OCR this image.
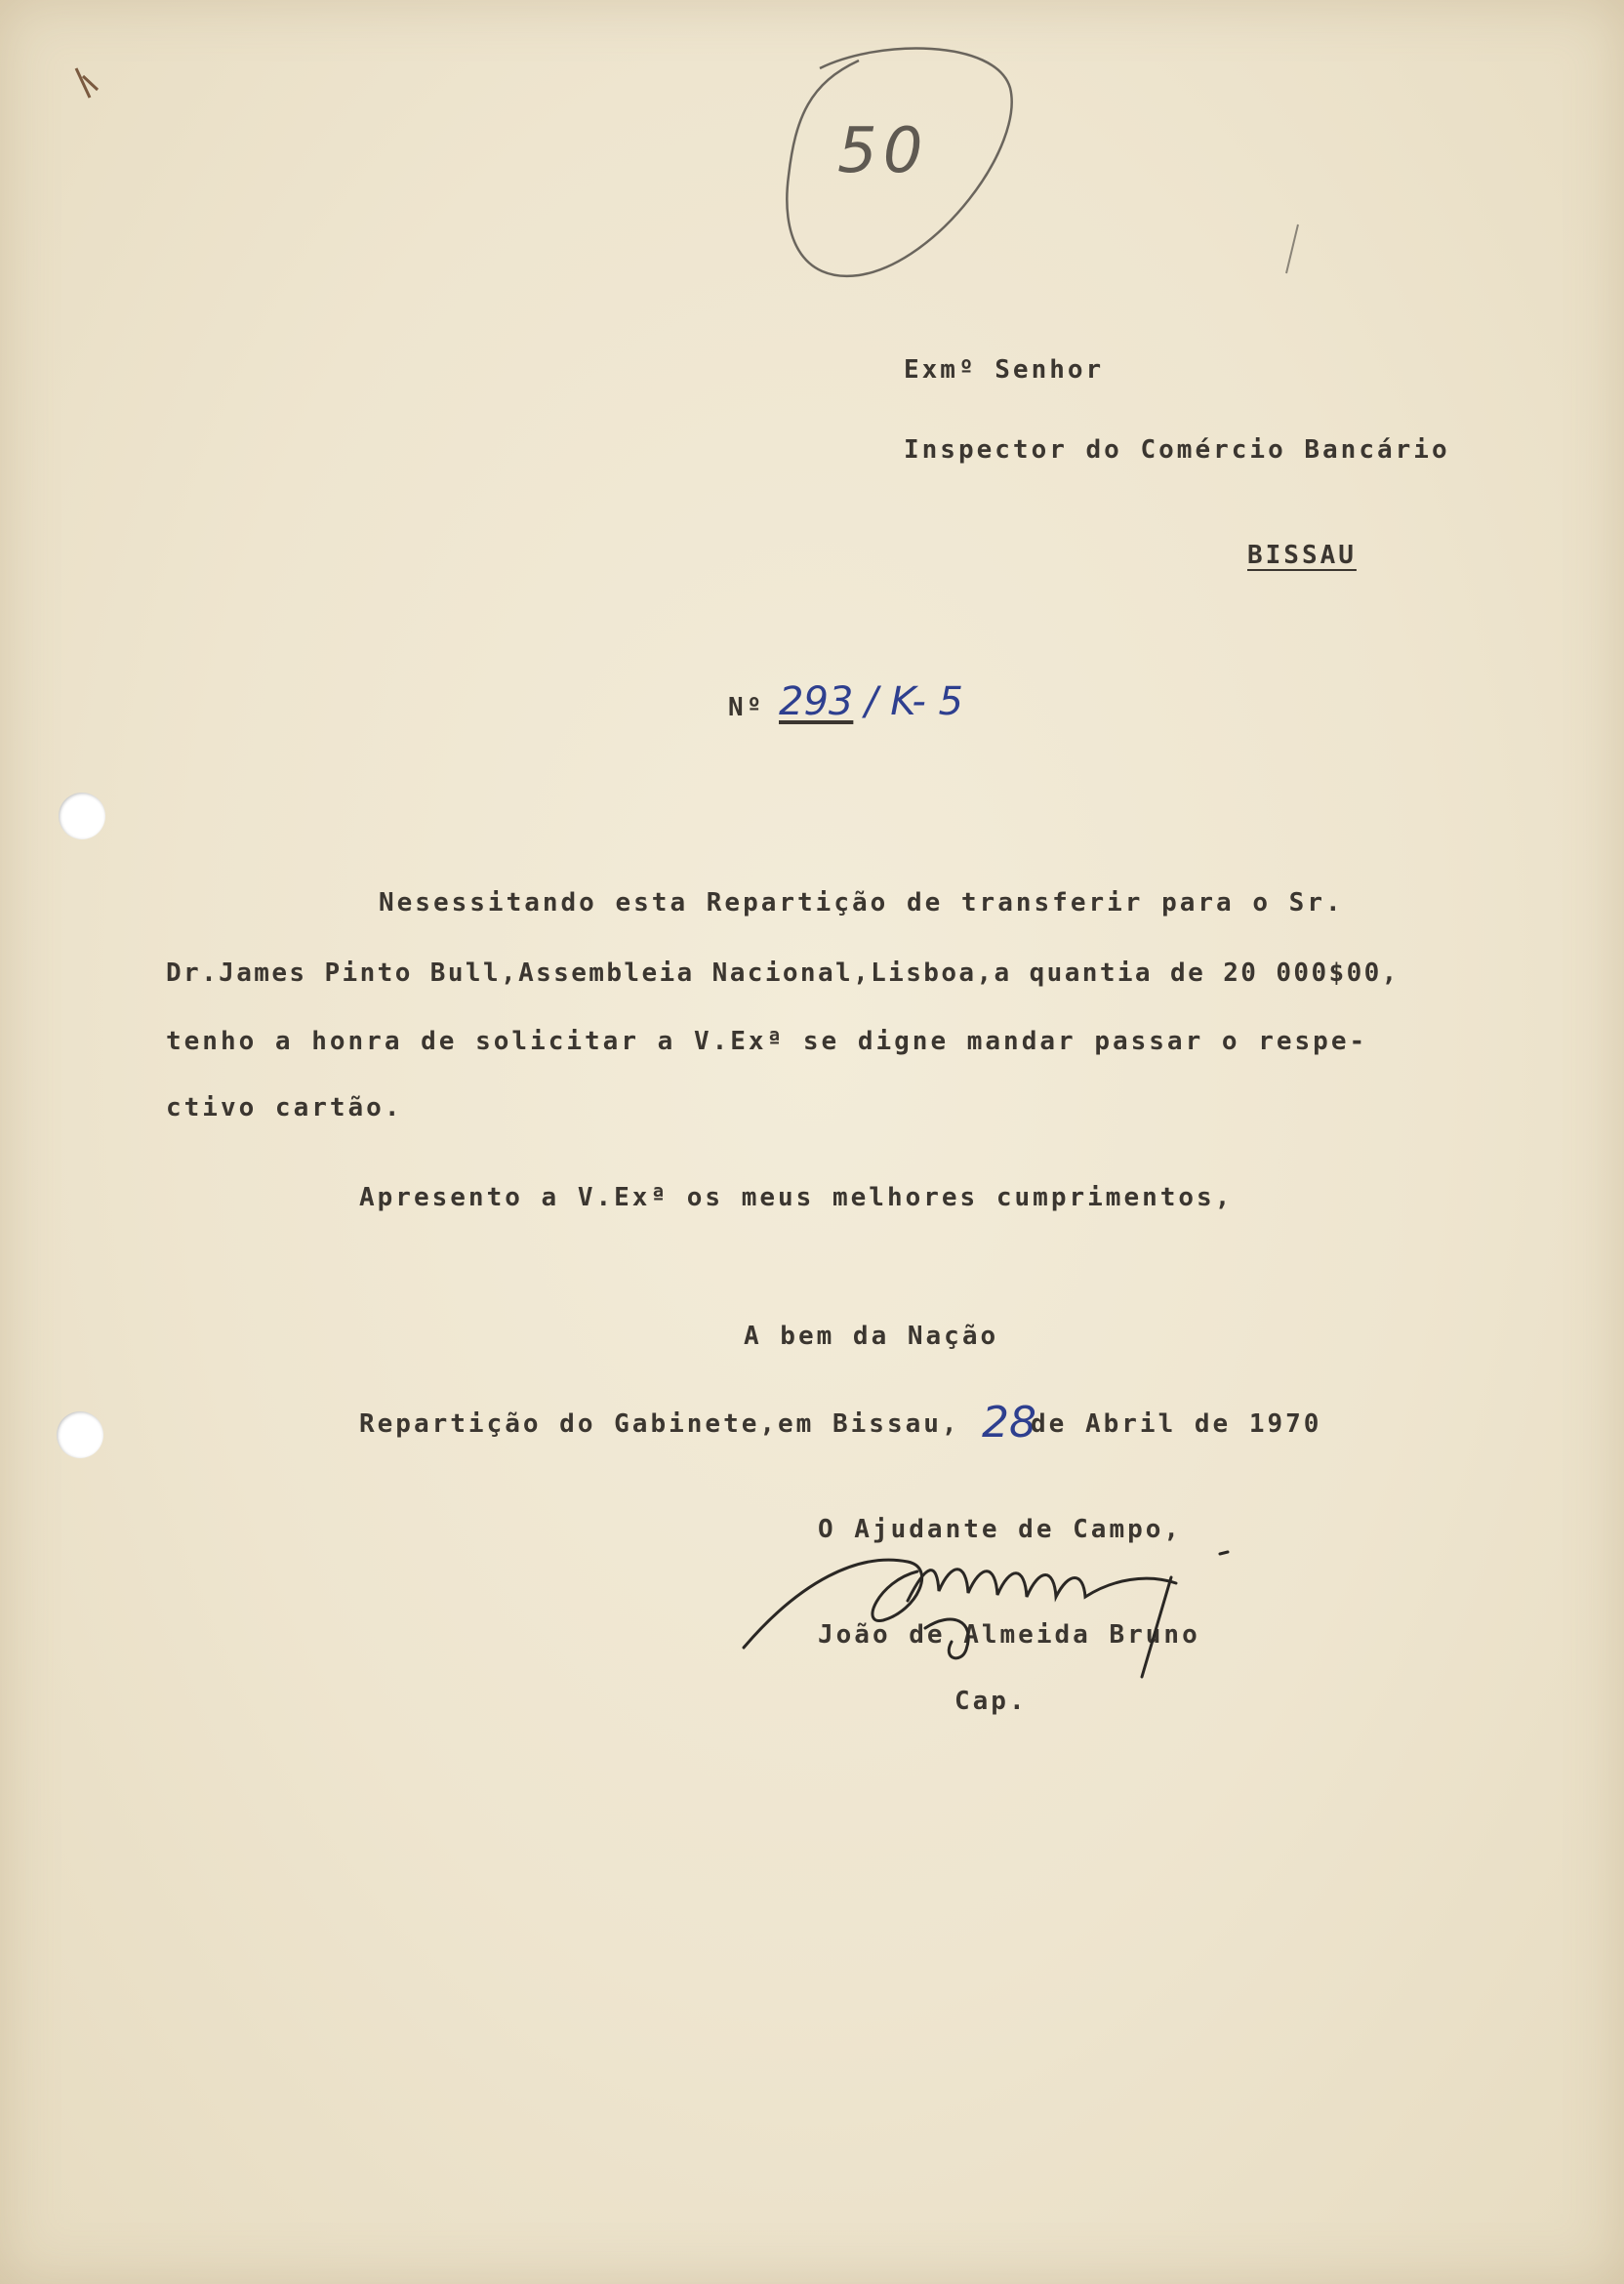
50
Exmº Senhor
Inspector do Comércio Bancário
BISSAU
Nº 293 / K- 5
Nesessitando esta Repartição de transferir para o Sr.
Dr.James Pinto Bull,Assembleia Nacional,Lisboa,a quantia de 20 000$00,
tenho a honra de solicitar a V.Exª se digne mandar passar o respe-
ctivo cartão.
Apresento a V.Exª os meus melhores cumprimentos,
A bem da Nação
Repartição do Gabinete,em Bissau, 28
de Abril de 1970
O Ajudante de Campo,
João de Almeida Bruno
Cap.
